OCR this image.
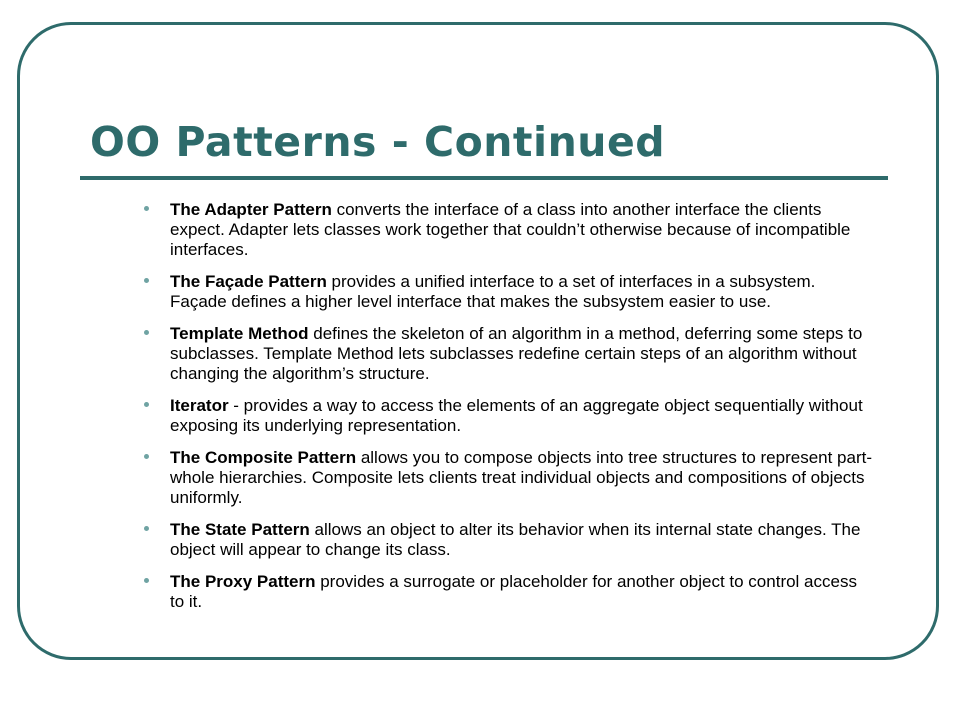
OO Patterns - Continued
The Adapter Pattern converts the interface of a class into another interface the clients expect. Adapter lets classes work together that couldn’t otherwise because of incompatible interfaces.
The Façade Pattern provides a unified interface to a set of interfaces in a subsystem. Façade defines a higher level interface that makes the subsystem easier to use.
Template Method defines the skeleton of an algorithm in a method, deferring some steps to subclasses. Template Method lets subclasses redefine certain steps of an algorithm without changing the algorithm’s structure.
Iterator - provides a way to access the elements of an aggregate object sequentially without exposing its underlying representation.
The Composite Pattern allows you to compose objects into tree structures to represent part-whole hierarchies. Composite lets clients treat individual objects and compositions of objects uniformly.
The State Pattern allows an object to alter its behavior when its internal state changes. The object will appear to change its class.
The Proxy Pattern provides a surrogate or placeholder for another object to control access to it.
